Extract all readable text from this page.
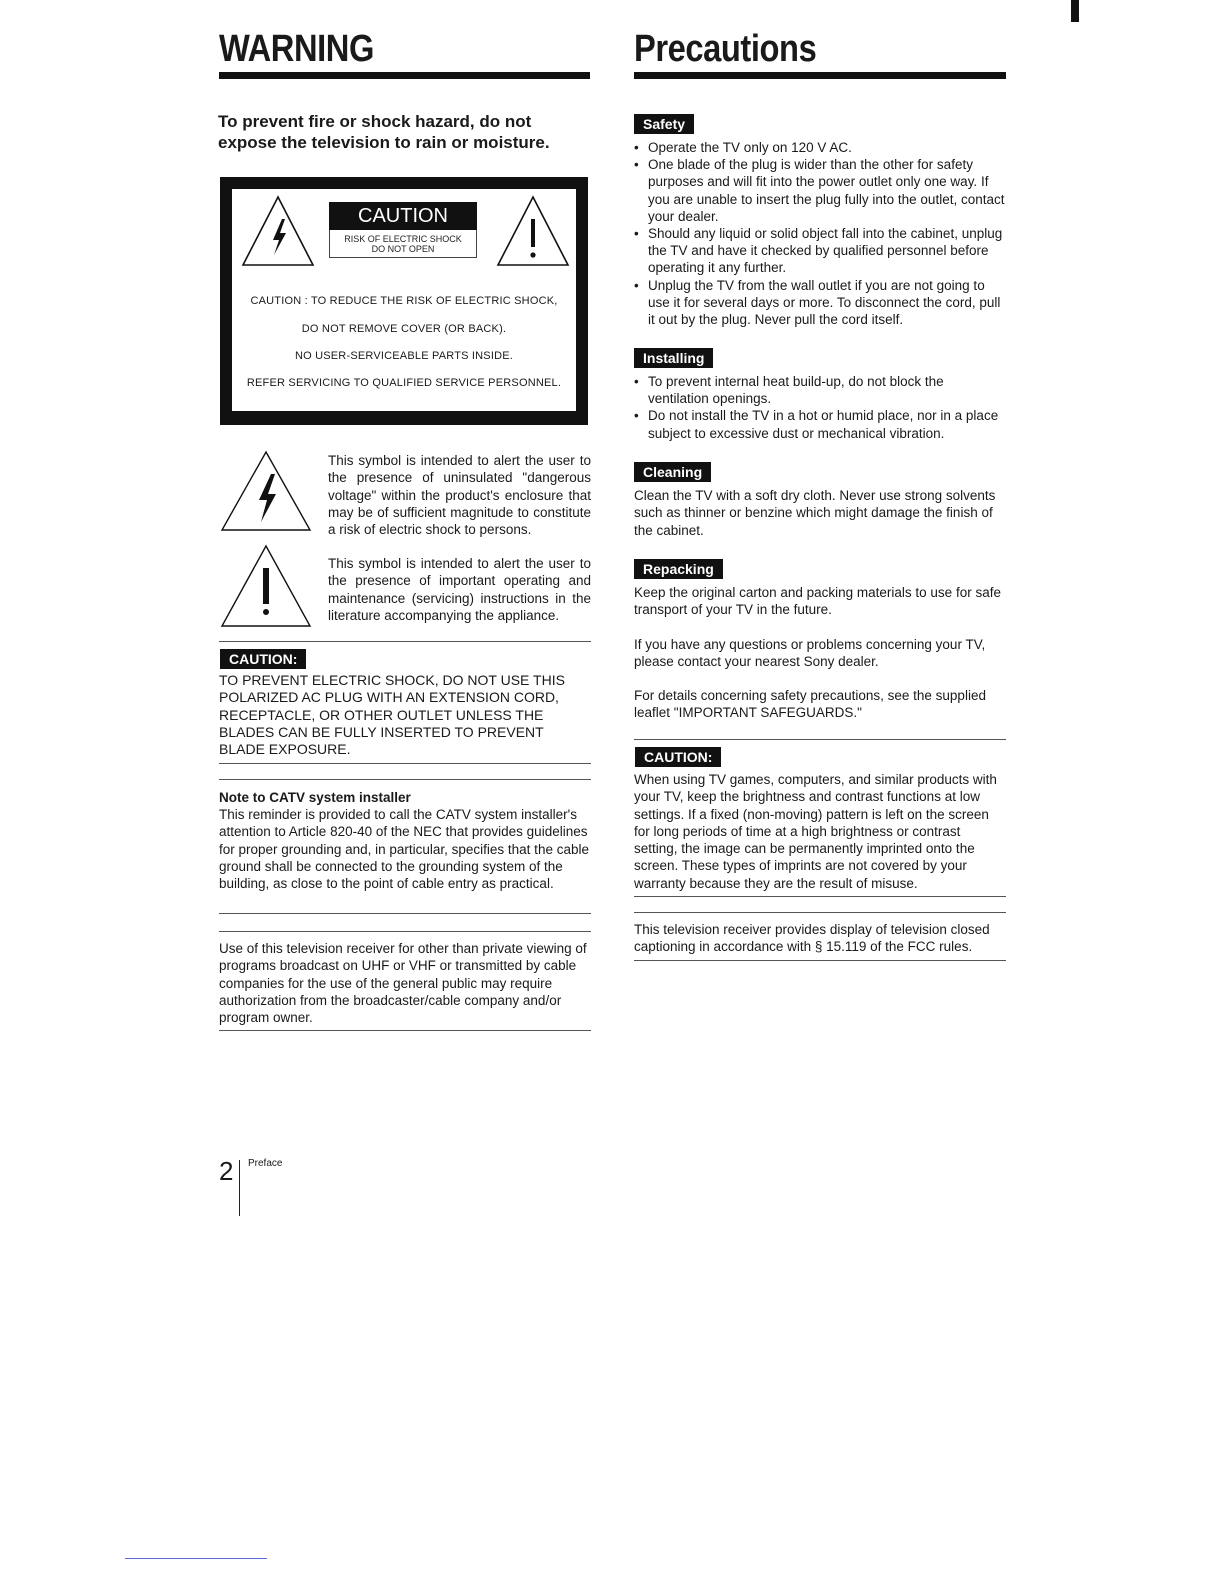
WARNING
To prevent fire or shock hazard, do not expose the television to rain or moisture.
CAUTION
RISK OF ELECTRIC SHOCK
DO NOT OPEN
CAUTION : TO REDUCE THE RISK OF ELECTRIC SHOCK,
DO NOT REMOVE COVER (OR BACK).
NO USER-SERVICEABLE PARTS INSIDE.
REFER SERVICING TO QUALIFIED SERVICE PERSONNEL.
This symbol is intended to alert the user to the presence of uninsulated "dangerous voltage" within the product's enclosure that may be of sufficient magnitude to constitute a risk of electric shock to persons.
This symbol is intended to alert the user to the presence of important operating and maintenance (servicing) instructions in the literature accompanying the appliance.
CAUTION:
TO PREVENT ELECTRIC SHOCK, DO NOT USE THIS POLARIZED AC PLUG WITH AN EXTENSION CORD, RECEPTACLE, OR OTHER OUTLET UNLESS THE BLADES CAN BE FULLY INSERTED TO PREVENT BLADE EXPOSURE.
Note to CATV system installer
This reminder is provided to call the CATV system installer's attention to Article 820-40 of the NEC that provides guidelines for proper grounding and, in particular, specifies that the cable ground shall be connected to the grounding system of the building, as close to the point of cable entry as practical.
Use of this television receiver for other than private viewing of programs broadcast on UHF or VHF or transmitted by cable companies for the use of the general public may require authorization from the broadcaster/cable company and/or program owner.
Precautions
Safety
• Operate the TV only on 120 V AC.
• One blade of the plug is wider than the other for safety purposes and will fit into the power outlet only one way. If you are unable to insert the plug fully into the outlet, contact your dealer.
• Should any liquid or solid object fall into the cabinet, unplug the TV and have it checked by qualified personnel before operating it any further.
• Unplug the TV from the wall outlet if you are not going to use it for several days or more. To disconnect the cord, pull it out by the plug. Never pull the cord itself.
Installing
• To prevent internal heat build-up, do not block the ventilation openings.
• Do not install the TV in a hot or humid place, nor in a place subject to excessive dust or mechanical vibration.
Cleaning
Clean the TV with a soft dry cloth. Never use strong solvents such as thinner or benzine which might damage the finish of the cabinet.
Repacking
Keep the original carton and packing materials to use for safe transport of your TV in the future.
If you have any questions or problems concerning your TV, please contact your nearest Sony dealer.
For details concerning safety precautions, see the supplied leaflet "IMPORTANT SAFEGUARDS."
CAUTION:
When using TV games, computers, and similar products with your TV, keep the brightness and contrast functions at low settings. If a fixed (non-moving) pattern is left on the screen for long periods of time at a high brightness or contrast setting, the image can be permanently imprinted onto the screen. These types of imprints are not covered by your warranty because they are the result of misuse.
This television receiver provides display of television closed captioning in accordance with § 15.119 of the FCC rules.
2 Preface
